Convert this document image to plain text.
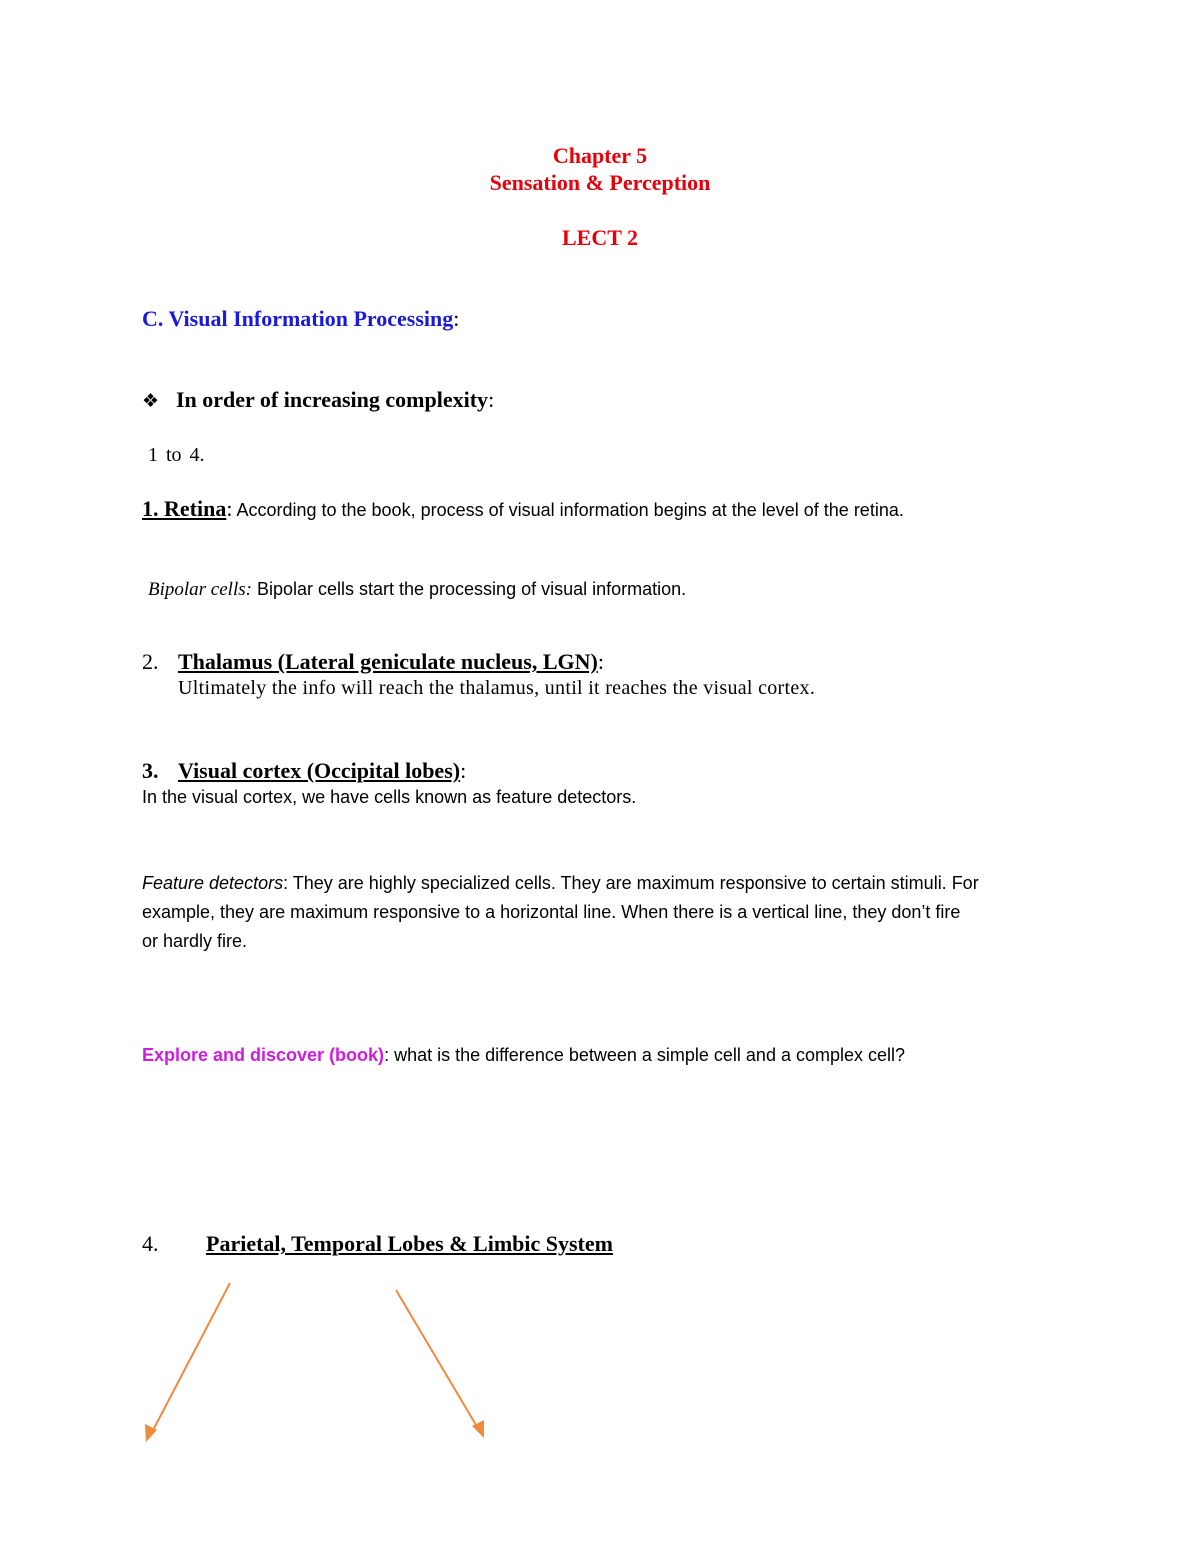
Chapter 5
Sensation & Perception
LECT 2
C. Visual Information Processing:
❖ In order of increasing complexity:
1 to 4.
1. Retina: According to the book, process of visual information begins at the level of the retina.
Bipolar cells: Bipolar cells start the processing of visual information.
2. Thalamus (Lateral geniculate nucleus, LGN):
Ultimately the info will reach the thalamus, until it reaches the visual cortex.
3. Visual cortex (Occipital lobes):
In the visual cortex, we have cells known as feature detectors.
Feature detectors: They are highly specialized cells. They are maximum responsive to certain stimuli. For
example, they are maximum responsive to a horizontal line. When there is a vertical line, they don’t fire
or hardly fire.
Explore and discover (book): what is the difference between a simple cell and a complex cell?
4. Parietal, Temporal Lobes & Limbic System
